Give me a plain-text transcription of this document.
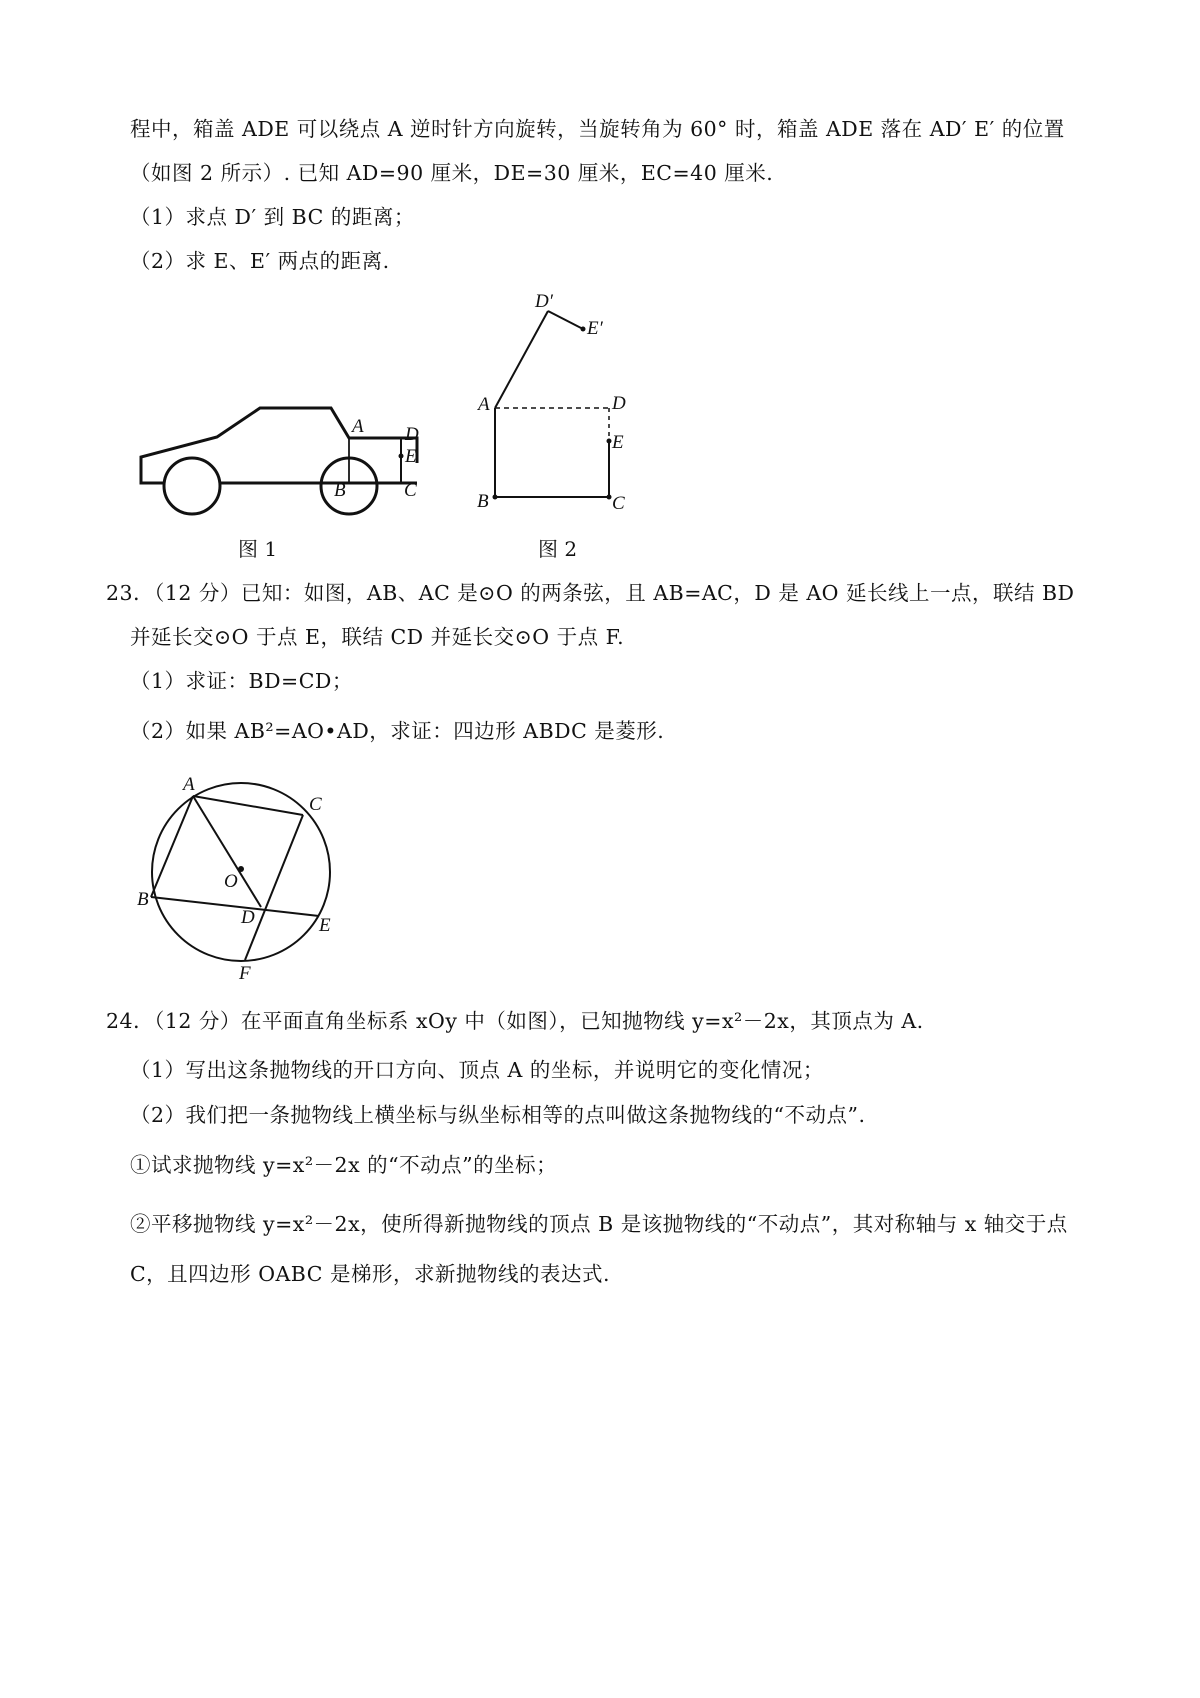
程中，箱盖 ADE 可以绕点 A 逆时针方向旋转，当旋转角为 60° 时，箱盖 ADE 落在 AD′ E′ 的位置
（如图 2 所示）. 已知 AD=90 厘米，DE=30 厘米，EC=40 厘米.
（1）求点 D′ 到 BC 的距离；
（2）求 E、E′ 两点的距离.
A
B	C
D
E
图 1
A
B	C
D
E
D′
E′
图 2
23．（12 分）已知：如图，AB、AC 是⊙O 的两条弦，且 AB=AC，D 是 AO 延长线上一点，联结 BD
并延长交⊙O 于点 E，联结 CD 并延长交⊙O 于点 F.
（1）求证：BD=CD；
（2）如果 AB²=AO•AD，求证：四边形 ABDC 是菱形.
A
B
C
D	E
F
O
24．（12 分）在平面直角坐标系 xOy 中（如图），已知抛物线 y=x²－2x，其顶点为 A.
（1）写出这条抛物线的开口方向、顶点 A 的坐标，并说明它的变化情况；
（2）我们把一条抛物线上横坐标与纵坐标相等的点叫做这条抛物线的“不动点”.
①试求抛物线 y=x²－2x 的“不动点”的坐标；
②平移抛物线 y=x²－2x，使所得新抛物线的顶点 B 是该抛物线的“不动点”，其对称轴与 x 轴交于点
C，且四边形 OABC 是梯形，求新抛物线的表达式.
